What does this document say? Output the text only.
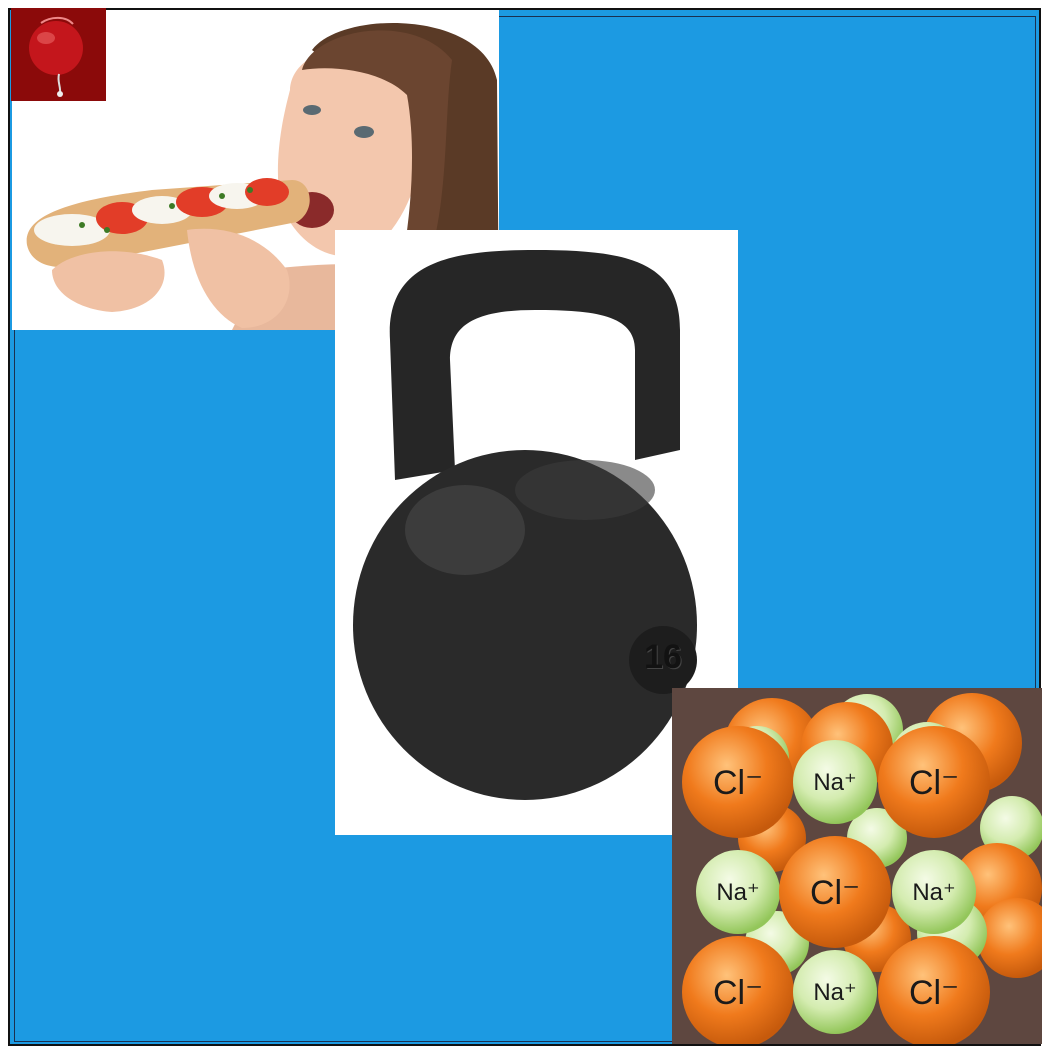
16
Cl⁻ Na⁺ Cl⁻
Na⁺ Cl⁻ Na⁺
Cl⁻ Na⁺ Cl⁻
